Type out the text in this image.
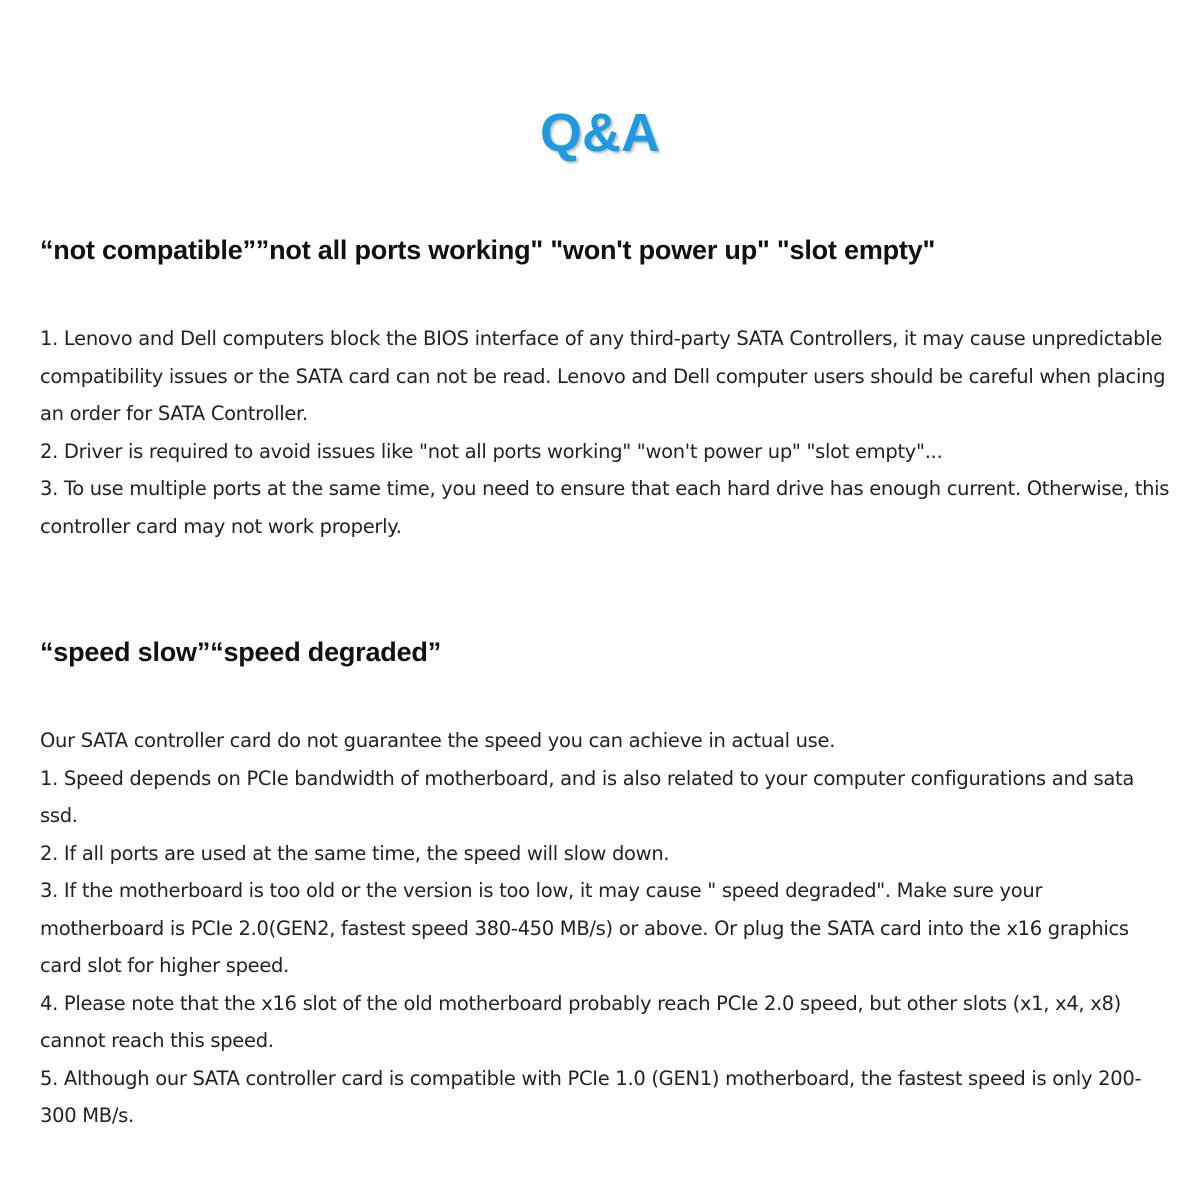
Q&A
“not compatible””not all ports working" "won't power up" "slot empty"

1. Lenovo and Dell computers block the BIOS interface of any third-party SATA Controllers, it may cause unpredictable compatibility issues or the SATA card can not be read. Lenovo and Dell computer users should be careful when placing an order for SATA Controller.

2. Driver is required to avoid issues like "not all ports working" "won't power up" "slot empty"...

3. To use multiple ports at the same time, you need to ensure that each hard drive has enough current. Otherwise, this controller card may not work properly.

“speed slow”“speed degraded”

Our SATA controller card do not guarantee the speed you can achieve in actual use.

1. Speed depends on PCIe bandwidth of motherboard, and is also related to your computer configurations and sata ssd.

2. If all ports are used at the same time, the speed will slow down.

3. If the motherboard is too old or the version is too low, it may cause " speed degraded". Make sure your motherboard is PCIe 2.0(GEN2, fastest speed 380-450 MB/s) or above. Or plug the SATA card into the x16 graphics card slot for higher speed.

4. Please note that the x16 slot of the old motherboard probably reach PCIe 2.0 speed, but other slots (x1, x4, x8) cannot reach this speed.

5. Although our SATA controller card is compatible with PCIe 1.0 (GEN1) motherboard, the fastest speed is only 200-300 MB/s.
